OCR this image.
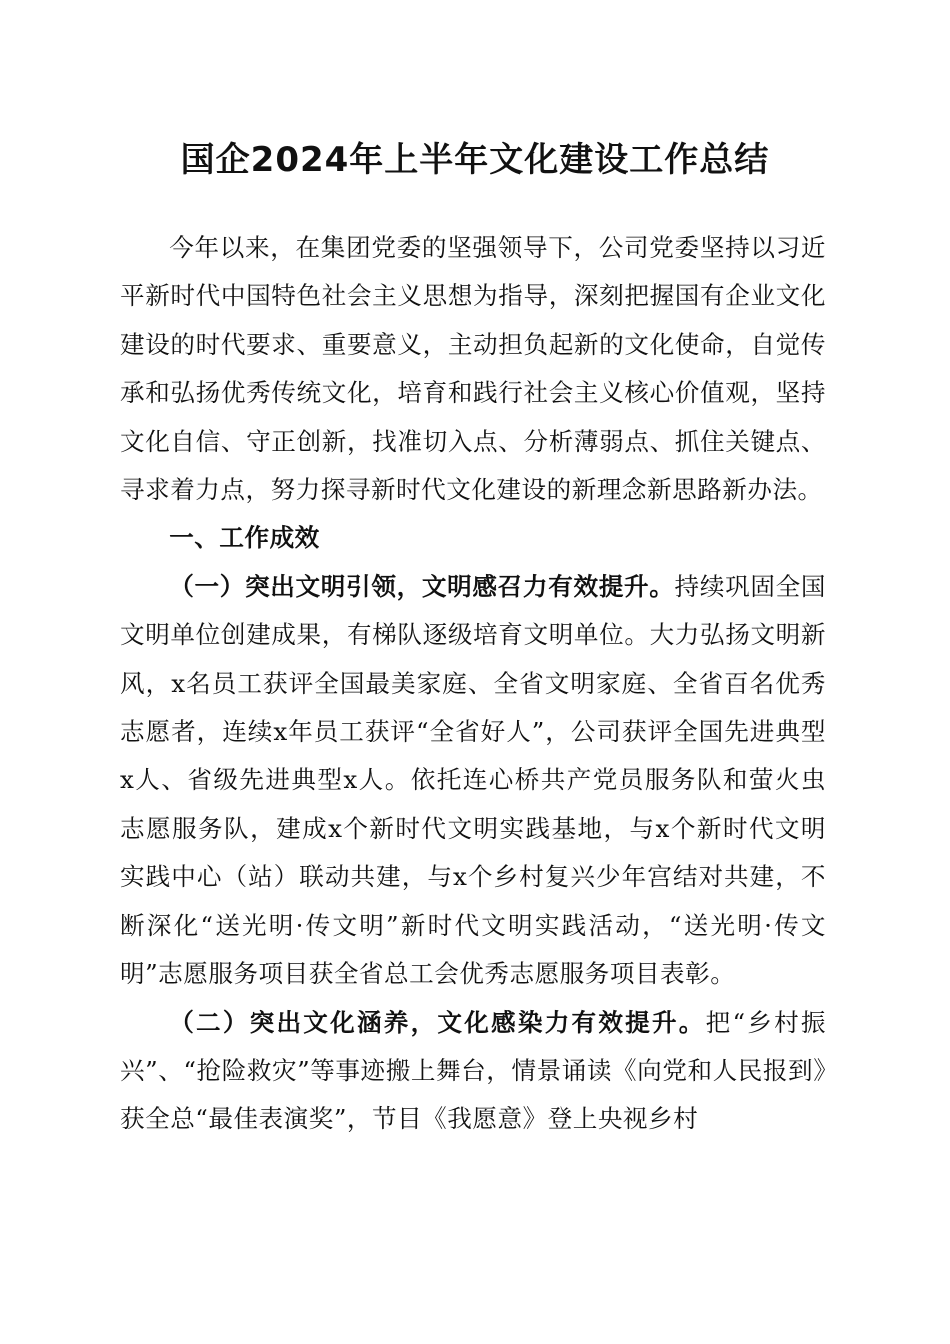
国企2024年上半年文化建设工作总结

今年以来，在集团党委的坚强领导下，公司党委坚持以习近平新时代中国特色社会主义思想为指导，深刻把握国有企业文化建设的时代要求、重要意义，主动担负起新的文化使命，自觉传承和弘扬优秀传统文化，培育和践行社会主义核心价值观，坚持文化自信、守正创新，找准切入点、分析薄弱点、抓住关键点、寻求着力点，努力探寻新时代文化建设的新理念新思路新办法。

一、工作成效

（一）突出文明引领，文明感召力有效提升。持续巩固全国文明单位创建成果，有梯队逐级培育文明单位。大力弘扬文明新风，x名员工获评全国最美家庭、全省文明家庭、全省百名优秀志愿者，连续x年员工获评“全省好人”，公司获评全国先进典型x人、省级先进典型x人。依托连心桥共产党员服务队和萤火虫志愿服务队，建成x个新时代文明实践基地，与x个新时代文明实践中心（站）联动共建，与x个乡村复兴少年宫结对共建，不断深化“送光明·传文明”新时代文明实践活动，“送光明·传文明”志愿服务项目获全省总工会优秀志愿服务项目表彰。

（二）突出文化涵养，文化感染力有效提升。把“乡村振兴”、“抢险救灾”等事迹搬上舞台，情景诵读《向党和人民报到》获全总“最佳表演奖”，节目《我愿意》登上央视乡村
